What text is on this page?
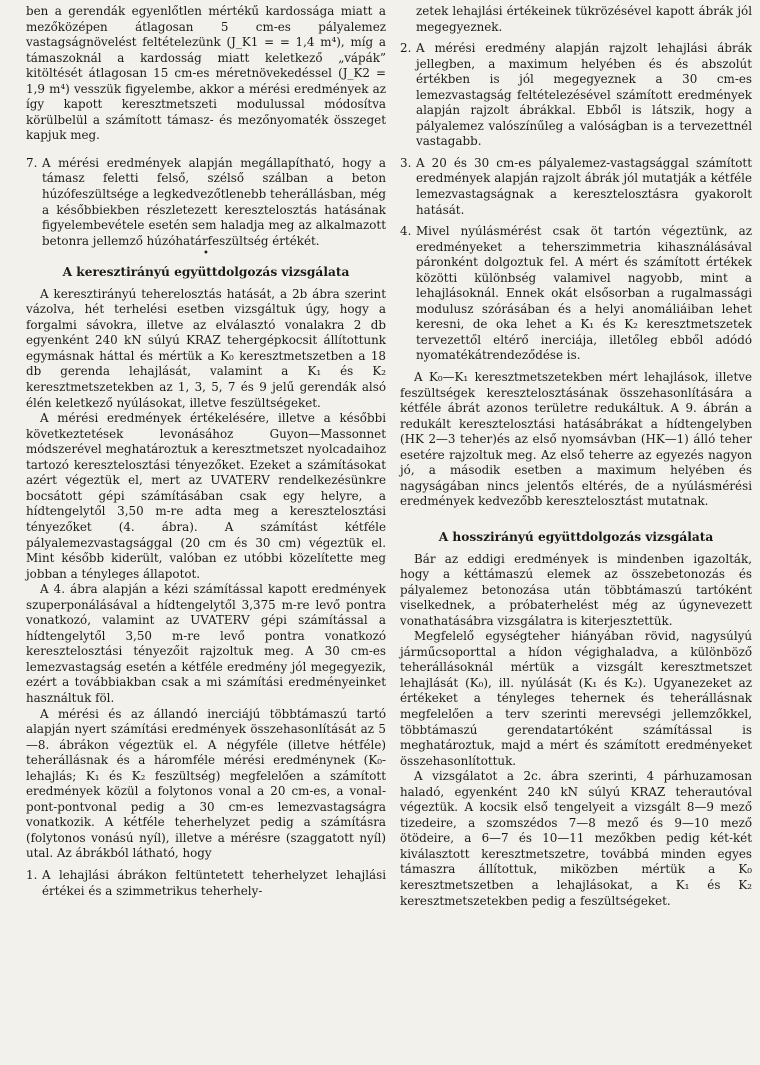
ben a gerendák egyenlőtlen mértékű kardossága miatt a mezőközépen átlagosan 5 cm-es pályalemez vastagságnövelést feltételezünk (J_K1 = = 1,4 m⁴), míg a támaszoknál a kardosság miatt keletkező „vápák” kitöltését átlagosan 15 cm-es méretnövekedéssel (J_K2 = 1,9 m⁴) vesszük figyelembe, akkor a mérési eredmények az így kapott keresztmetszeti modulussal módosítva körülbelül a számított támasz- és mezőnyomaték összeget kapjuk meg.

7. A mérési eredmények alapján megállapítható, hogy a támasz feletti felső, szélső szálban a beton húzófeszültsége a legkedvezőtlenebb teherállásban, még a későbbiekben részletezett keresztelosztás hatásának figyelembevétele esetén sem haladja meg az alkalmazott betonra jellemző húzóhatárfeszültség értékét.
•

A keresztirányú együttdolgozás vizsgálata

A keresztirányú teherelosztás hatását, a 2b ábra szerint vázolva, hét terhelési esetben vizsgáltuk úgy, hogy a forgalmi sávokra, illetve az elválasztó vonalakra 2 db egyenként 240 kN súlyú KRAZ tehergépkocsit állítottunk egymásnak háttal és mértük a K₀ keresztmetszetben a 18 db gerenda lehajlását, valamint a K₁ és K₂ keresztmetszetekben az 1, 3, 5, 7 és 9 jelű gerendák alsó élén keletkező nyúlásokat, illetve feszültségeket.

A mérési eredmények értékelésére, illetve a későbbi következtetések levonásához Guyon—Massonnet módszerével meghatároztuk a keresztmetszet nyolcadaihoz tartozó keresztelosztási tényezőket. Ezeket a számításokat azért végeztük el, mert az UVATERV rendelkezésünkre bocsátott gépi számításában csak egy helyre, a hídtengelytől 3,50 m-re adta meg a keresztelosztási tényezőket (4. ábra). A számítást kétféle pályalemezvastagsággal (20 cm és 30 cm) végeztük el. Mint később kiderült, valóban ez utóbbi közelítette meg jobban a tényleges állapotot.

A 4. ábra alapján a kézi számítással kapott eredmények szuperponálásával a hídtengelytől 3,375 m-re levő pontra vonatkozó, valamint az UVATERV gépi számítással a hídtengelytől 3,50 m-re levő pontra vonatkozó keresztelosztási tényezőit rajzoltuk meg. A 30 cm-es lemezvastagság esetén a kétféle eredmény jól megegyezik, ezért a továbbiakban csak a mi számítási eredményeinket használtuk föl.

A mérési és az állandó inerciájú többtámaszú tartó alapján nyert számítási eredmények összehasonlítását az 5—8. ábrákon végeztük el. A négyféle (illetve hétféle) teherállásnak és a háromféle mérési eredménynek (K₀-lehajlás; K₁ és K₂ feszültség) megfelelően a számított eredmények közül a folytonos vonal a 20 cm-es, a vonal-pont-pontvonal pedig a 30 cm-es lemezvastagságra vonatkozik. A kétféle teherhelyzet pedig a számításra (folytonos vonású nyíl), illetve a mérésre (szaggatott nyíl) utal. Az ábrákból látható, hogy

1. A lehajlási ábrákon feltüntetett teherhelyzet lehajlási értékei és a szimmetrikus teherhely-

zetek lehajlási értékeinek tükrözésével kapott ábrák jól megegyeznek.

2. A mérési eredmény alapján rajzolt lehajlási ábrák jellegben, a maximum helyében és és abszolút értékben is jól megegyeznek a 30 cm-es lemezvastagság feltételezésével számított eredmények alapján rajzolt ábrákkal. Ebből is látszik, hogy a pályalemez valószínűleg a valóságban is a tervezettnél vastagabb.
3. A 20 és 30 cm-es pályalemez-vastagsággal számított eredmények alapján rajzolt ábrák jól mutatják a kétféle lemezvastagságnak a keresztelosztásra gyakorolt hatását.
4. Mivel nyúlásmérést csak öt tartón végeztünk, az eredményeket a teherszimmetria kihasználásával páronként dolgoztuk fel. A mért és számított értékek közötti különbség valamivel nagyobb, mint a lehajlásoknál. Ennek okát elsősorban a rugalmassági modulusz szórásában és a helyi anomáliáiban lehet keresni, de oka lehet a K₁ és K₂ keresztmetszetek tervezettől eltérő inerciája, illetőleg ebből adódó nyomatékátrendeződése is.

A K₀—K₁ keresztmetszetekben mért lehajlások, illetve feszültségek keresztelosztásának összehasonlítására a kétféle ábrát azonos területre redukáltuk. A 9. ábrán a redukált keresztelosztási hatásábrákat a hídtengelyben (HK 2—3 teher)és az első nyomsávban (HK—1) álló teher esetére rajzoltuk meg. Az első teherre az egyezés nagyon jó, a második esetben a maximum helyében és nagyságában nincs jelentős eltérés, de a nyúlásmérési eredmények kedvezőbb keresztelosztást mutatnak.

A hosszirányú együttdolgozás vizsgálata

Bár az eddigi eredmények is mindenben igazolták, hogy a kéttámaszú elemek az összebetonozás és pályalemez betonozása után többtámaszú tartóként viselkednek, a próbaterhelést még az úgynevezett vonathatásábra vizsgálatra is kiterjesztettük.

Megfelelő egységteher hiányában rövid, nagysúlyú járműcsoporttal a hídon végighaladva, a különböző teherállásoknál mértük a vizsgált keresztmetszet lehajlását (K₀), ill. nyúlását (K₁ és K₂). Ugyanezeket az értékeket a tényleges tehernek és teherállásnak megfelelően a terv szerinti merevségi jellemzőkkel, többtámaszú gerendatartóként számítással is meghatároztuk, majd a mért és számított eredményeket összehasonlítottuk.

A vizsgálatot a 2c. ábra szerinti, 4 párhuzamosan haladó, egyenként 240 kN súlyú KRAZ teherautóval végeztük. A kocsik első tengelyeit a vizsgált 8—9 mező tizedeire, a szomszédos 7—8 mező és 9—10 mező ötödeire, a 6—7 és 10—11 mezőkben pedig két-két kiválasztott keresztmetszetre, továbbá minden egyes támaszra állítottuk, miközben mértük a K₀ keresztmetszetben a lehajlásokat, a K₁ és K₂ keresztmetszetekben pedig a feszültségeket.
